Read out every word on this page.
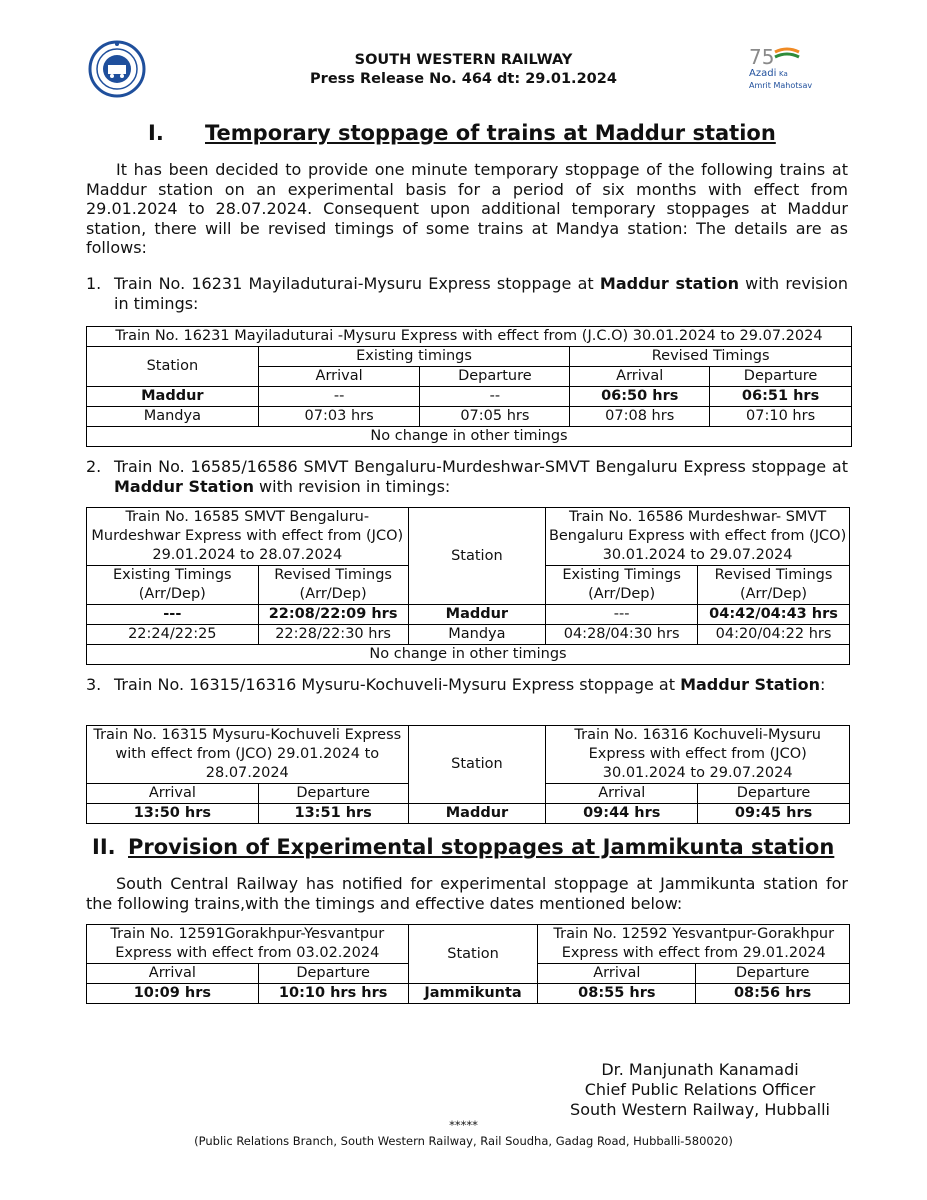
SOUTH WESTERN RAILWAY
Press Release No. 464 dt: 29.01.2024
75
Azadi Ka
Amrit Mahotsav
I. Temporary stoppage of trains at Maddur station
It has been decided to provide one minute temporary stoppage of the following trains at Maddur station on an experimental basis for a period of six months with effect from 29.01.2024 to 28.07.2024. Consequent upon additional temporary stoppages at Maddur station, there will be revised timings of some trains at Mandya station: The details are as follows:
1. Train No. 16231 Mayiladuturai-Mysuru Express stoppage at Maddur station with revision in timings:
Train No. 16231 Mayiladuturai -Mysuru Express with effect from (J.C.O) 30.01.2024 to 29.07.2024				
Station	Existing timings		Revised Timings	
	Arrival	Departure	Arrival	Departure
Maddur	--	--	06:50 hrs	06:51 hrs
Mandya	07:03 hrs	07:05 hrs	07:08 hrs	07:10 hrs
No change in other timings				
2. Train No. 16585/16586 SMVT Bengaluru-Murdeshwar-SMVT Bengaluru Express stoppage at Maddur Station with revision in timings:
Train No. 16585 SMVT Bengaluru-Murdeshwar Express with effect from (JCO) 29.01.2024 to 28.07.2024		Station	Train No. 16586 Murdeshwar- SMVT Bengaluru Express with effect from (JCO) 30.01.2024 to 29.07.2024	
Existing Timings (Arr/Dep)	Revised Timings (Arr/Dep)		Existing Timings (Arr/Dep)	Revised Timings (Arr/Dep)
---	22:08/22:09 hrs	Maddur	---	04:42/04:43 hrs
22:24/22:25	22:28/22:30 hrs	Mandya	04:28/04:30 hrs	04:20/04:22 hrs
No change in other timings				
3. Train No. 16315/16316 Mysuru-Kochuveli-Mysuru Express stoppage at Maddur Station:
Train No. 16315 Mysuru-Kochuveli Express with effect from (JCO) 29.01.2024 to 28.07.2024		Station	Train No. 16316 Kochuveli-Mysuru Express with effect from (JCO) 30.01.2024 to 29.07.2024	
Arrival	Departure		Arrival	Departure
13:50 hrs	13:51 hrs	Maddur	09:44 hrs	09:45 hrs
II. Provision of Experimental stoppages at Jammikunta station
South Central Railway has notified for experimental stoppage at Jammikunta station for the following trains,with the timings and effective dates mentioned below:
Train No. 12591Gorakhpur-Yesvantpur Express with effect from 03.02.2024		Station	Train No. 12592 Yesvantpur-Gorakhpur Express with effect from 29.01.2024	
Arrival	Departure		Arrival	Departure
10:09 hrs	10:10 hrs hrs	Jammikunta	08:55 hrs	08:56 hrs
Dr. Manjunath Kanamadi
Chief Public Relations Officer
South Western Railway, Hubballi
*****
(Public Relations Branch, South Western Railway, Rail Soudha, Gadag Road, Hubballi-580020)
